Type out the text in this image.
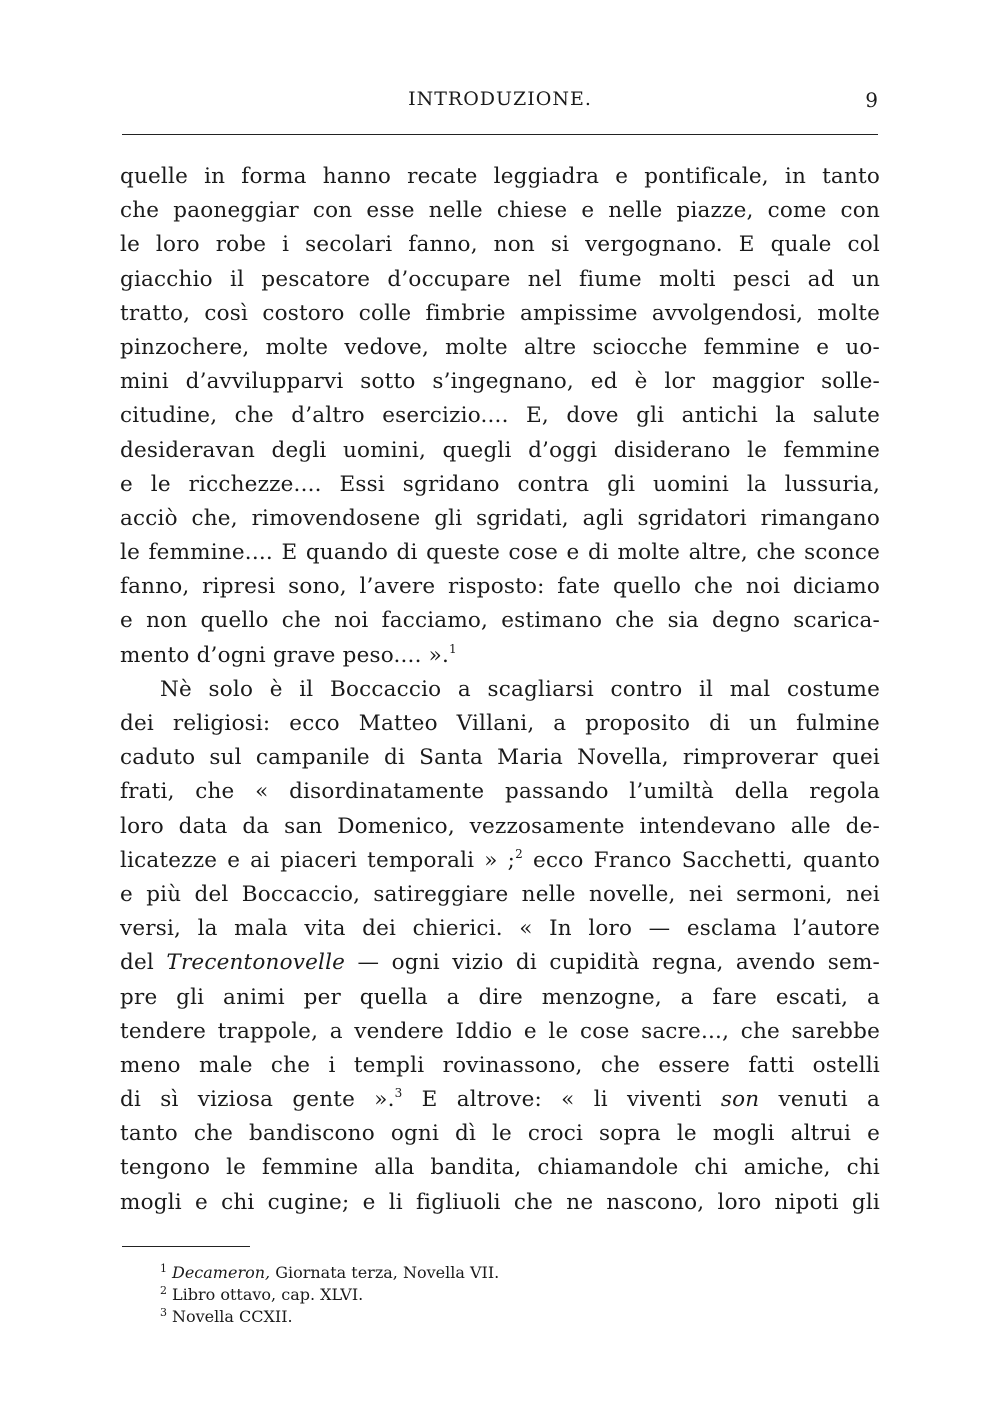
INTRODUZIONE.	9
quelle in forma hanno recate leggiadra e pontificale, in tanto
che paoneggiar con esse nelle chiese e nelle piazze, come con
le loro robe i secolari fanno, non si vergognano. E quale col
giacchio il pescatore d’occupare nel fiume molti pesci ad un
tratto, così costoro colle fimbrie ampissime avvolgendosi, molte
pinzochere, molte vedove, molte altre sciocche femmine e uo-
mini d’avvilupparvi sotto s’ingegnano, ed è lor maggior solle-
citudine, che d’altro esercizio.... E, dove gli antichi la salute
desideravan degli uomini, quegli d’oggi disiderano le femmine
e le ricchezze.... Essi sgridano contra gli uomini la lussuria,
acciò che, rimovendosene gli sgridati, agli sgridatori rimangano
le femmine.... E quando di queste cose e di molte altre, che sconce
fanno, ripresi sono, l’avere risposto: fate quello che noi diciamo
e non quello che noi facciamo, estimano che sia degno scarica-
mento d’ogni grave peso.... ».$^1$
Nè solo è il Boccaccio a scagliarsi contro il mal costume
dei religiosi: ecco Matteo Villani, a proposito di un fulmine
caduto sul campanile di Santa Maria Novella, rimproverar quei
frati, che « disordinatamente passando l’umiltà della regola
loro data da san Domenico, vezzosamente intendevano alle de-
licatezze e ai piaceri temporali » ;$^2$ ecco Franco Sacchetti, quanto
e più del Boccaccio, satireggiare nelle novelle, nei sermoni, nei
versi, la mala vita dei chierici. « In loro — esclama l’autore
del Trecentonovelle — ogni vizio di cupidità regna, avendo sem-
pre gli animi per quella a dire menzogne, a fare escati, a
tendere trappole, a vendere Iddio e le cose sacre..., che sarebbe
meno male che i templi rovinassono, che essere fatti ostelli
di sì viziosa gente ».$^3$ E altrove: « li viventi son venuti a
tanto che bandiscono ogni dì le croci sopra le mogli altrui e
tengono le femmine alla bandita, chiamandole chi amiche, chi
mogli e chi cugine; e li figliuoli che ne nascono, loro nipoti gli
1 Decameron, Giornata terza, Novella VII.
2 Libro ottavo, cap. XLVI.
3 Novella CCXII.
